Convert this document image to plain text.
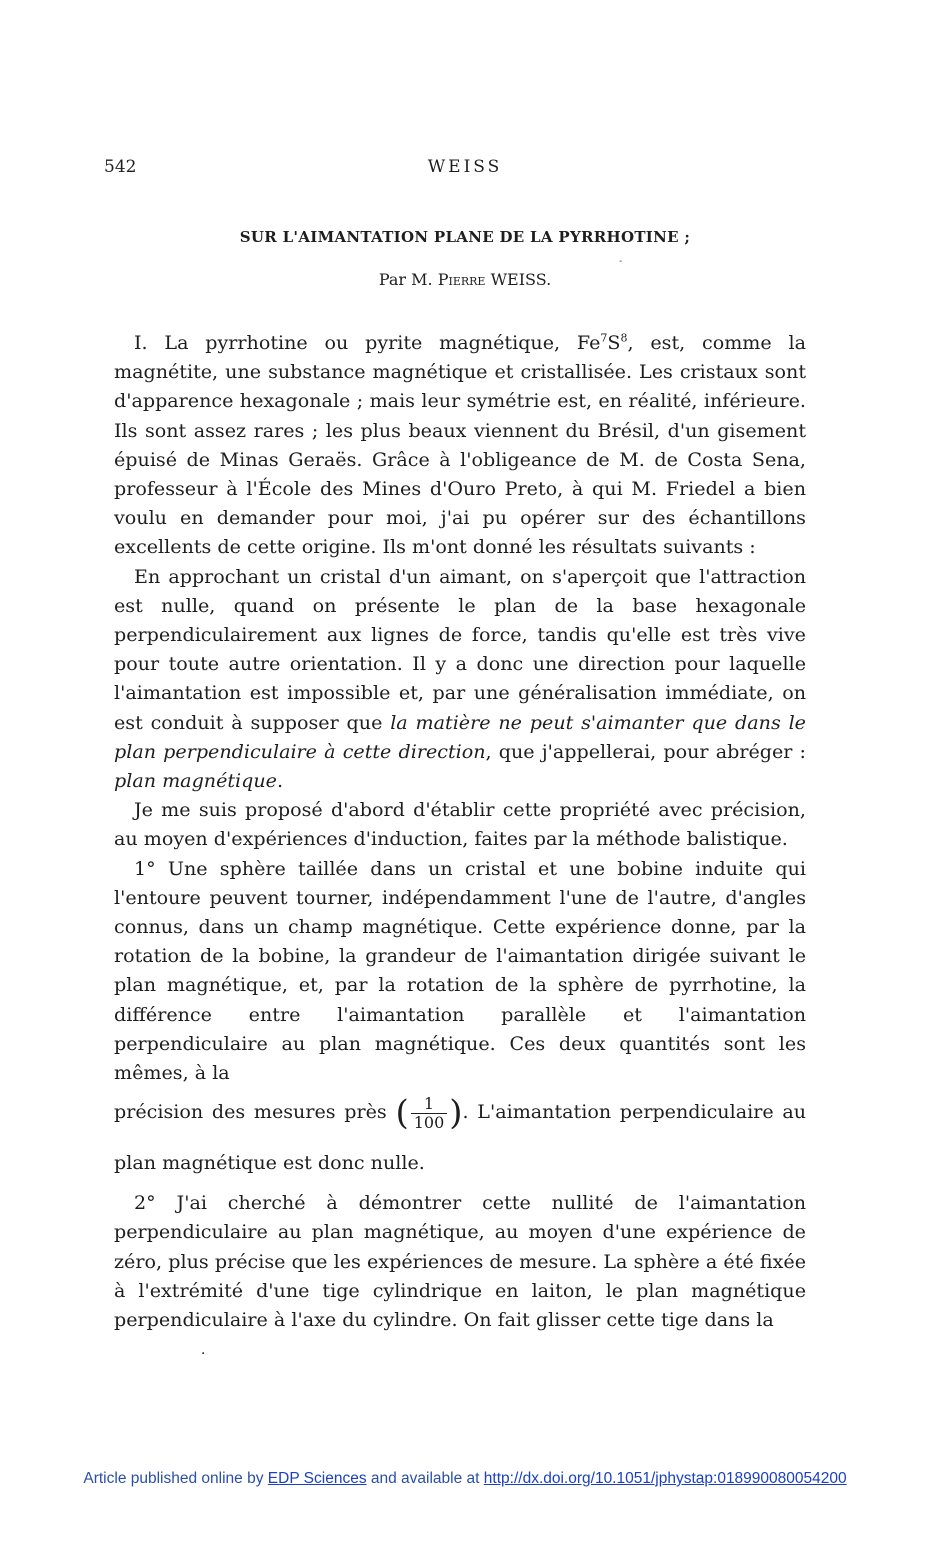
542	WEISS
SUR L'AIMANTATION PLANE DE LA PYRRHOTINE ;
-
Par M. Pierre WEISS.

I. La pyrrhotine ou pyrite magnétique, $Fe^7S^8$, est, comme la magnétite, une substance magnétique et cristallisée. Les cristaux sont d'apparence hexagonale ; mais leur symétrie est, en réalité, inférieure. Ils sont assez rares ; les plus beaux viennent du Brésil, d'un gisement épuisé de Minas Geraës. Grâce à l'obligeance de M. de Costa Sena, professeur à l'École des Mines d'Ouro Preto, à qui M. Friedel a bien voulu en demander pour moi, j'ai pu opérer sur des échantillons excellents de cette origine. Ils m'ont donné les résultats suivants :

En approchant un cristal d'un aimant, on s'aperçoit que l'attraction est nulle, quand on présente le plan de la base hexagonale perpendiculairement aux lignes de force, tandis qu'elle est très vive pour toute autre orientation. Il y a donc une direction pour laquelle l'aimantation est impossible et, par une généralisation immédiate, on est conduit à supposer que la matière ne peut s'aimanter que dans le plan perpendiculaire à cette direction, que j'appellerai, pour abréger : plan magnétique.

Je me suis proposé d'abord d'établir cette propriété avec précision, au moyen d'expériences d'induction, faites par la méthode balistique.

1° Une sphère taillée dans un cristal et une bobine induite qui l'entoure peuvent tourner, indépendamment l'une de l'autre, d'angles connus, dans un champ magnétique. Cette expérience donne, par la rotation de la bobine, la grandeur de l'aimantation dirigée suivant le plan magnétique, et, par la rotation de la sphère de pyrrhotine, la différence entre l'aimantation parallèle et l'aimantation perpendiculaire au plan magnétique. Ces deux quantités sont les mêmes, à la
précision des mesures près ( $\frac{1}{100}$ ). L'aimantation perpendiculaire au plan magnétique est donc nulle.

2° J'ai cherché à démontrer cette nullité de l'aimantation perpendiculaire au plan magnétique, au moyen d'une expérience de zéro, plus précise que les expériences de mesure. La sphère a été fixée à l'extrémité d'une tige cylindrique en laiton, le plan magnétique perpendiculaire à l'axe du cylindre. On fait glisser cette tige dans la

·
Article published online by EDP Sciences and available at http://dx.doi.org/10.1051/jphystap:018990080054200
